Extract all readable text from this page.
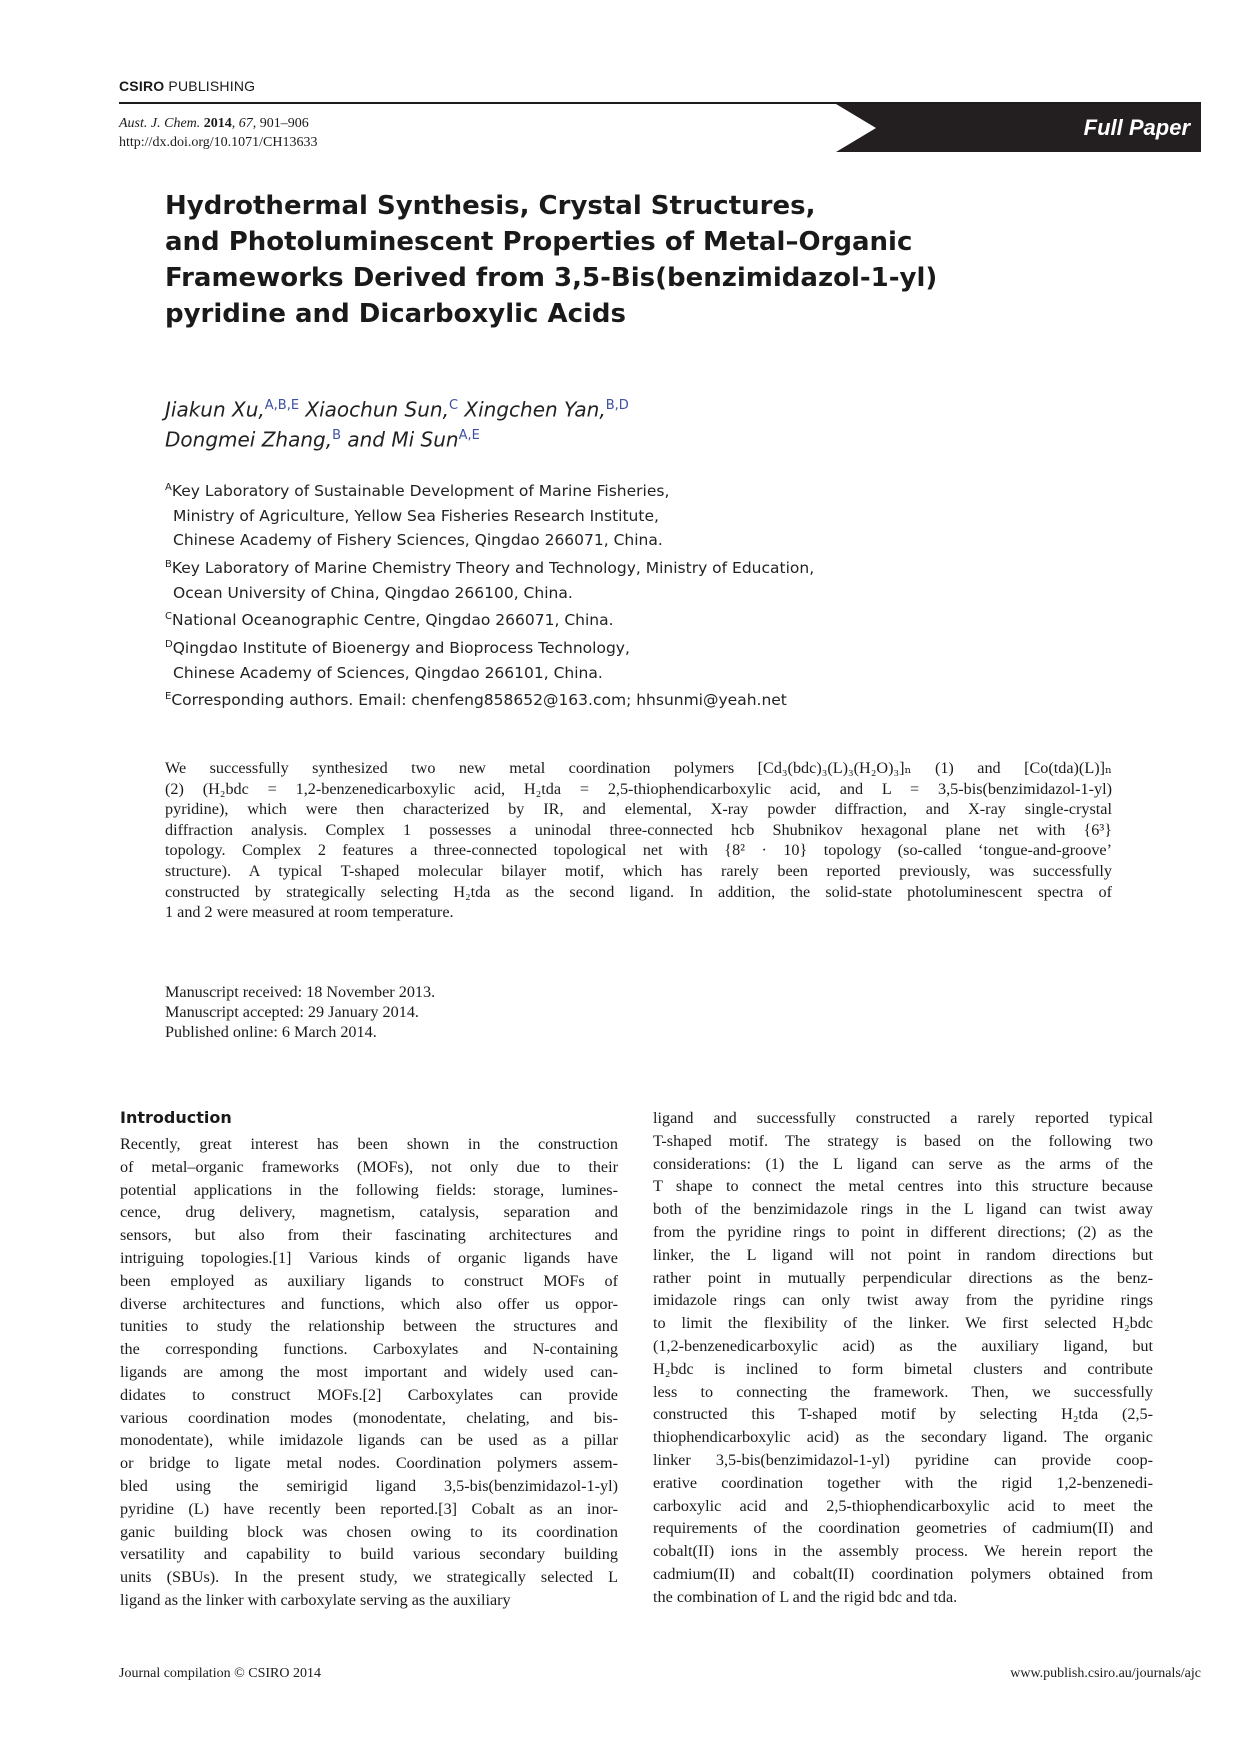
CSIRO PUBLISHING
Full Paper
Aust. J. Chem. 2014, 67, 901–906
http://dx.doi.org/10.1071/CH13633
Hydrothermal Synthesis, Crystal Structures,
and Photoluminescent Properties of Metal–Organic
Frameworks Derived from 3,5-Bis(benzimidazol-1-yl)
pyridine and Dicarboxylic Acids
Jiakun Xu,$^{A,B,E}$ Xiaochun Sun,$^C$ Xingchen Yan,$^{B,D}$
Dongmei Zhang,$^B$ and Mi Sun$^{A,E}$
$^A$Key Laboratory of Sustainable Development of Marine Fisheries,
Ministry of Agriculture, Yellow Sea Fisheries Research Institute,
Chinese Academy of Fishery Sciences, Qingdao 266071, China.
$^B$Key Laboratory of Marine Chemistry Theory and Technology, Ministry of Education,
Ocean University of China, Qingdao 266100, China.
$^C$National Oceanographic Centre, Qingdao 266071, China.
$^D$Qingdao Institute of Bioenergy and Bioprocess Technology,
Chinese Academy of Sciences, Qingdao 266101, China.
$^E$Corresponding authors. Email: chenfeng858652@163.com; hhsunmi@yeah.net
We successfully synthesized two new metal coordination polymers [Cd₃(bdc)₃(L)₃(H₂O)₃]ₙ (1) and [Co(tda)(L)]ₙ
(2) (H₂bdc = 1,2-benzenedicarboxylic acid, H₂tda = 2,5-thiophendicarboxylic acid, and L = 3,5-bis(benzimidazol-1-yl)
pyridine), which were then characterized by IR, and elemental, X-ray powder diffraction, and X-ray single-crystal
diffraction analysis. Complex 1 possesses a uninodal three-connected hcb Shubnikov hexagonal plane net with {6³}
topology. Complex 2 features a three-connected topological net with {8² · 10} topology (so-called ‘tongue-and-groove’
structure). A typical T-shaped molecular bilayer motif, which has rarely been reported previously, was successfully
constructed by strategically selecting H₂tda as the second ligand. In addition, the solid-state photoluminescent spectra of
1 and 2 were measured at room temperature.
Manuscript received: 18 November 2013.
Manuscript accepted: 29 January 2014.
Published online: 6 March 2014.
Introduction
Recently, great interest has been shown in the construction
of metal–organic frameworks (MOFs), not only due to their
potential applications in the following fields: storage, lumines-
cence, drug delivery, magnetism, catalysis, separation and
sensors, but also from their fascinating architectures and
intriguing topologies.[1] Various kinds of organic ligands have
been employed as auxiliary ligands to construct MOFs of
diverse architectures and functions, which also offer us oppor-
tunities to study the relationship between the structures and
the corresponding functions. Carboxylates and N-containing
ligands are among the most important and widely used can-
didates to construct MOFs.[2] Carboxylates can provide
various coordination modes (monodentate, chelating, and bis-
monodentate), while imidazole ligands can be used as a pillar
or bridge to ligate metal nodes. Coordination polymers assem-
bled using the semirigid ligand 3,5-bis(benzimidazol-1-yl)
pyridine (L) have recently been reported.[3] Cobalt as an inor-
ganic building block was chosen owing to its coordination
versatility and capability to build various secondary building
units (SBUs). In the present study, we strategically selected L
ligand as the linker with carboxylate serving as the auxiliary
ligand and successfully constructed a rarely reported typical
T-shaped motif. The strategy is based on the following two
considerations: (1) the L ligand can serve as the arms of the
T shape to connect the metal centres into this structure because
both of the benzimidazole rings in the L ligand can twist away
from the pyridine rings to point in different directions; (2) as the
linker, the L ligand will not point in random directions but
rather point in mutually perpendicular directions as the benz-
imidazole rings can only twist away from the pyridine rings
to limit the flexibility of the linker. We first selected H₂bdc
(1,2-benzenedicarboxylic acid) as the auxiliary ligand, but
H₂bdc is inclined to form bimetal clusters and contribute
less to connecting the framework. Then, we successfully
constructed this T-shaped motif by selecting H₂tda (2,5-
thiophendicarboxylic acid) as the secondary ligand. The organic
linker 3,5-bis(benzimidazol-1-yl) pyridine can provide coop-
erative coordination together with the rigid 1,2-benzenedi-
carboxylic acid and 2,5-thiophendicarboxylic acid to meet the
requirements of the coordination geometries of cadmium(II) and
cobalt(II) ions in the assembly process. We herein report the
cadmium(II) and cobalt(II) coordination polymers obtained from
the combination of L and the rigid bdc and tda.
Journal compilation © CSIRO 2014	www.publish.csiro.au/journals/ajc
